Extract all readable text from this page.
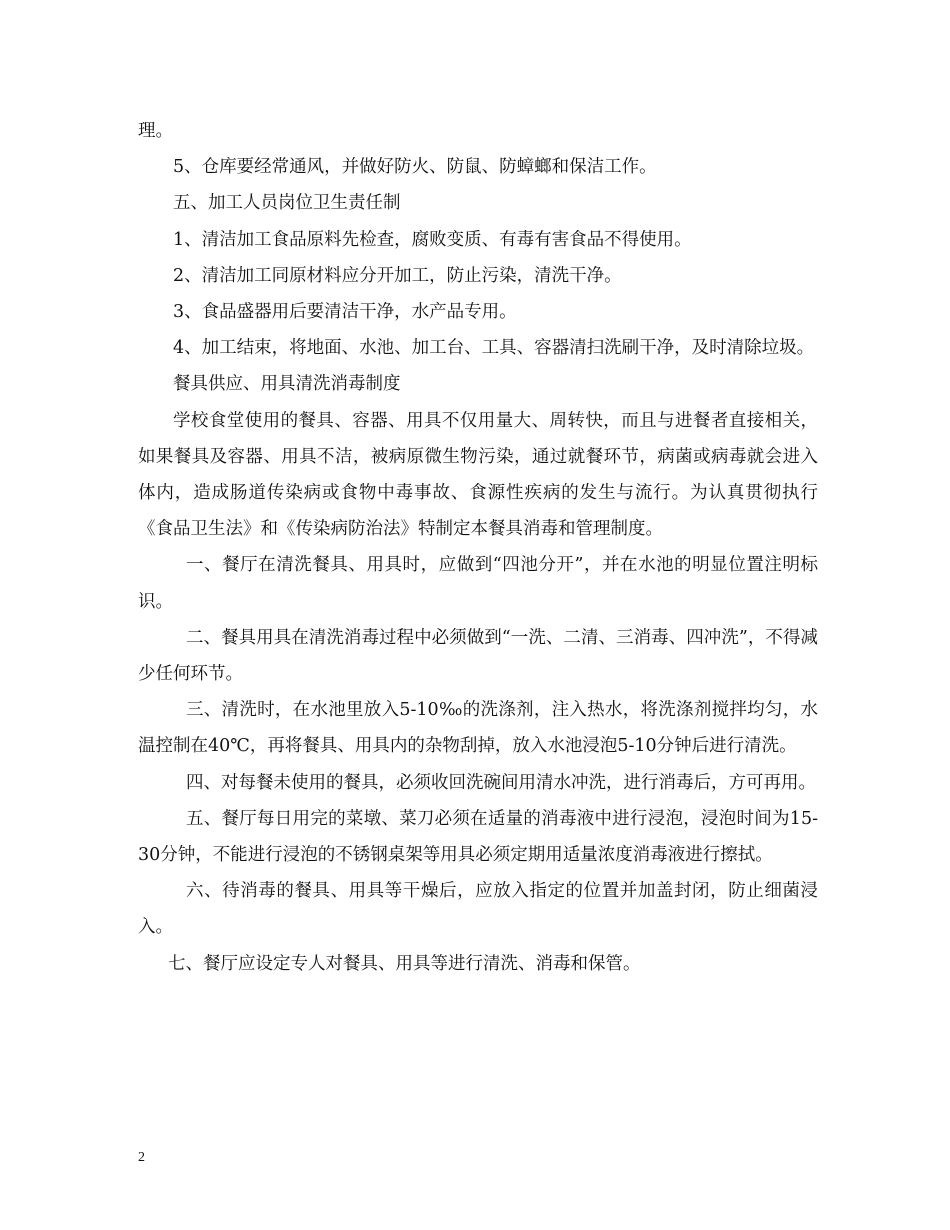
理。

5、仓库要经常通风，并做好防火、防鼠、防蟑螂和保洁工作。

五、加工人员岗位卫生责任制

1、清洁加工食品原料先检查，腐败变质、有毒有害食品不得使用。

2、清洁加工同原材料应分开加工，防止污染，清洗干净。

3、食品盛器用后要清洁干净，水产品专用。

4、加工结束，将地面、水池、加工台、工具、容器清扫洗刷干净，及时清除垃圾。

餐具供应、用具清洗消毒制度

学校食堂使用的餐具、容器、用具不仅用量大、周转快，而且与进餐者直接相关，如果餐具及容器、用具不洁，被病原微生物污染，通过就餐环节，病菌或病毒就会进入体内，造成肠道传染病或食物中毒事故、食源性疾病的发生与流行。为认真贯彻执行《食品卫生法》和《传染病防治法》特制定本餐具消毒和管理制度。

一、餐厅在清洗餐具、用具时，应做到“四池分开”，并在水池的明显位置注明标识。

二、餐具用具在清洗消毒过程中必须做到“一洗、二清、三消毒、四冲洗”，不得减少任何环节。

三、清洗时，在水池里放入5-10‰的洗涤剂，注入热水，将洗涤剂搅拌均匀，水温控制在40℃，再将餐具、用具内的杂物刮掉，放入水池浸泡5-10分钟后进行清洗。

四、对每餐未使用的餐具，必须收回洗碗间用清水冲洗，进行消毒后，方可再用。

五、餐厅每日用完的菜墩、菜刀必须在适量的消毒液中进行浸泡，浸泡时间为15-30分钟，不能进行浸泡的不锈钢桌架等用具必须定期用适量浓度消毒液进行擦拭。

六、待消毒的餐具、用具等干燥后，应放入指定的位置并加盖封闭，防止细菌浸入。

七、餐厅应设定专人对餐具、用具等进行清洗、消毒和保管。

2
